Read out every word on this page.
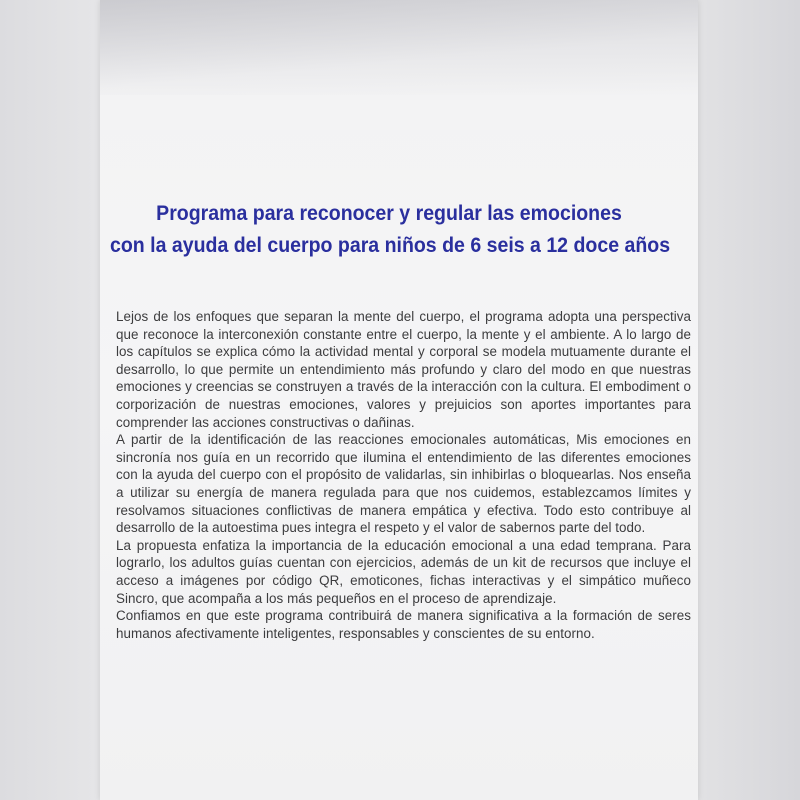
Programa para reconocer y regular las emociones
con la ayuda del cuerpo para niños de 6 seis a 12 doce años

Lejos de los enfoques que separan la mente del cuerpo, el programa adopta una perspectiva que reconoce la interconexión constante entre el cuerpo, la mente y el ambiente. A lo largo de los capítulos se explica cómo la actividad mental y corporal se modela mutuamente durante el desarrollo, lo que permite un entendimiento más profundo y claro del modo en que nuestras emociones y creencias se construyen a través de la interacción con la cultura. El embodiment o corporización de nuestras emociones, valores y prejuicios son aportes importantes para comprender las acciones constructivas o dañinas.

A partir de la identificación de las reacciones emocionales automáticas, Mis emociones en sincronía nos guía en un recorrido que ilumina el entendimiento de las diferentes emociones con la ayuda del cuerpo con el propósito de validarlas, sin inhibirlas o bloquearlas. Nos enseña a utilizar su energía de manera regulada para que nos cuidemos, establezcamos límites y resolvamos situaciones conflictivas de manera empática y efectiva. Todo esto contribuye al desarrollo de la autoestima pues integra el respeto y el valor de sabernos parte del todo.

La propuesta enfatiza la importancia de la educación emocional a una edad temprana. Para lograrlo, los adultos guías cuentan con ejercicios, además de un kit de recursos que incluye el acceso a imágenes por código QR, emoticones, fichas interactivas y el simpático muñeco Sincro, que acompaña a los más pequeños en el proceso de aprendizaje.

Confiamos en que este programa contribuirá de manera significativa a la formación de seres humanos afectivamente inteligentes, responsables y conscientes de su entorno.
